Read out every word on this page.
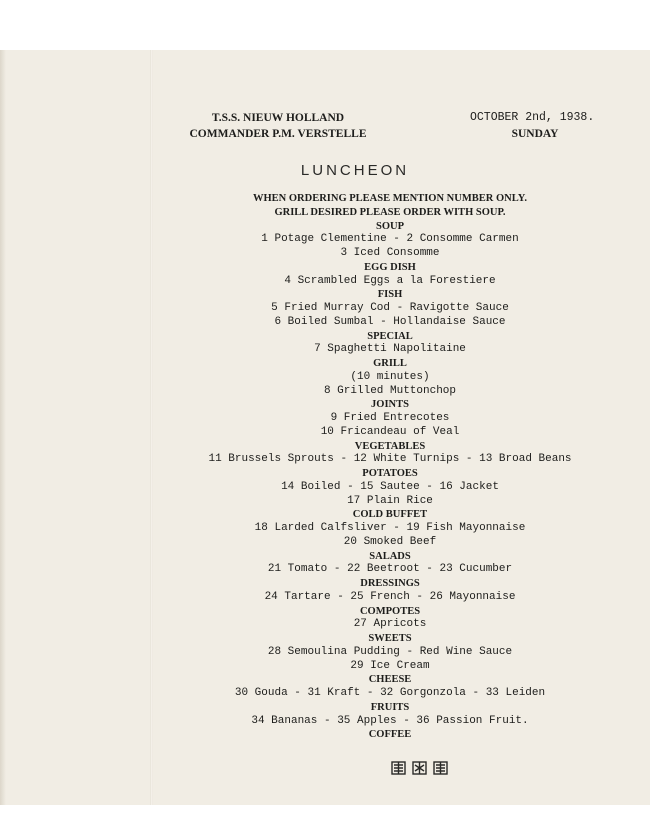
T.S.S. NIEUW HOLLAND
COMMANDER P.M. VERSTELLE
OCTOBER 2nd, 1938.
SUNDAY
LUNCHEON
WHEN ORDERING PLEASE MENTION NUMBER ONLY.
GRILL DESIRED PLEASE ORDER WITH SOUP.
SOUP
1 Potage Clementine - 2 Consomme Carmen
3 Iced Consomme
EGG DISH
4 Scrambled Eggs a la Forestiere
FISH
5 Fried Murray Cod - Ravigotte Sauce
6 Boiled Sumbal - Hollandaise Sauce
SPECIAL
7 Spaghetti Napolitaine
GRILL
(10 minutes)
8 Grilled Muttonchop
JOINTS
9 Fried Entrecotes
10 Fricandeau of Veal
VEGETABLES
11 Brussels Sprouts - 12 White Turnips - 13 Broad Beans
POTATOES
14 Boiled - 15 Sautee - 16 Jacket
17 Plain Rice
COLD BUFFET
18 Larded Calfsliver - 19 Fish Mayonnaise
20 Smoked Beef
SALADS
21 Tomato - 22 Beetroot - 23 Cucumber
DRESSINGS
24 Tartare - 25 French - 26 Mayonnaise
COMPOTES
27 Apricots
SWEETS
28 Semoulina Pudding - Red Wine Sauce
29 Ice Cream
CHEESE
30 Gouda - 31 Kraft - 32 Gorgonzola - 33 Leiden
FRUITS
34 Bananas - 35 Apples - 36 Passion Fruit.
COFFEE
